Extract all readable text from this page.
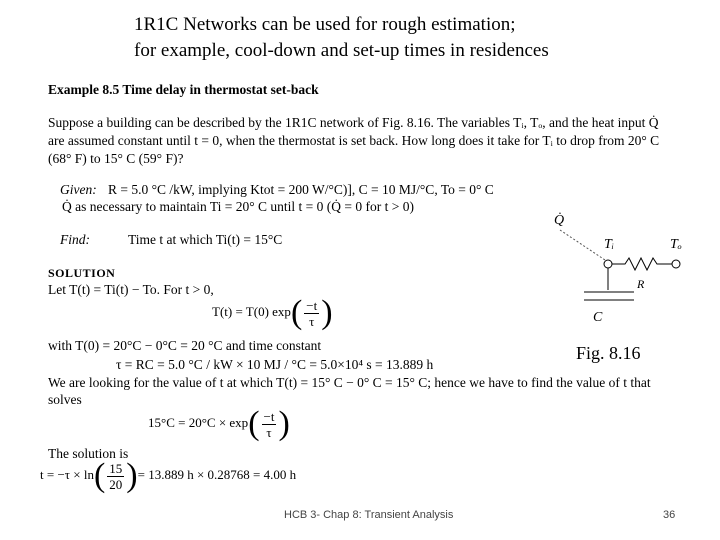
1R1C Networks can be used for rough estimation;
for example, cool-down and set-up times in residences
Example 8.5 Time delay in thermostat set-back
Suppose a building can be described by the 1R1C network of Fig. 8.16. The variables Tᵢ, Tₒ, and the heat input Q̇
are assumed constant until t = 0, when the thermostat is set back. How long does it take for Tᵢ to drop from 20° C
(68° F) to 15° C (59° F)?
Given: R = 5.0 °C /kW, implying Ktot = 200 W/°C)], C = 10 MJ/°C, To = 0° C
Q̇ as necessary to maintain Ti = 20° C until t = 0 (Q̇ = 0 for t > 0)
Find:	Time t at which Ti(t) = 15°C
SOLUTION
Let T(t) = Ti(t) − To. For t > 0,
T(t) = T(0) $\exp( \frac{-t}{\tau}$ )
with T(0) = 20°C − 0°C = 20 °C and time constant
τ = RC = 5.0 °C / kW × 10 MJ / °C = 5.0×10⁴ s = 13.889 h
We are looking for the value of t at which T(t) = 15° C − 0° C = 15° C; hence we have to find the value of t that
solves
$15^\circ C = 20^\circ C \times \exp( \frac{-t}{\tau}$ )
The solution is
$t = -\tau \times \ln( \frac{15}{20}$ )= 13.889 h × 0.28768 = 4.00 h
Q̇
Tᵢ	Tₒ
R
C
Fig. 8.16
HCB 3- Chap 8: Transient Analysis	36
